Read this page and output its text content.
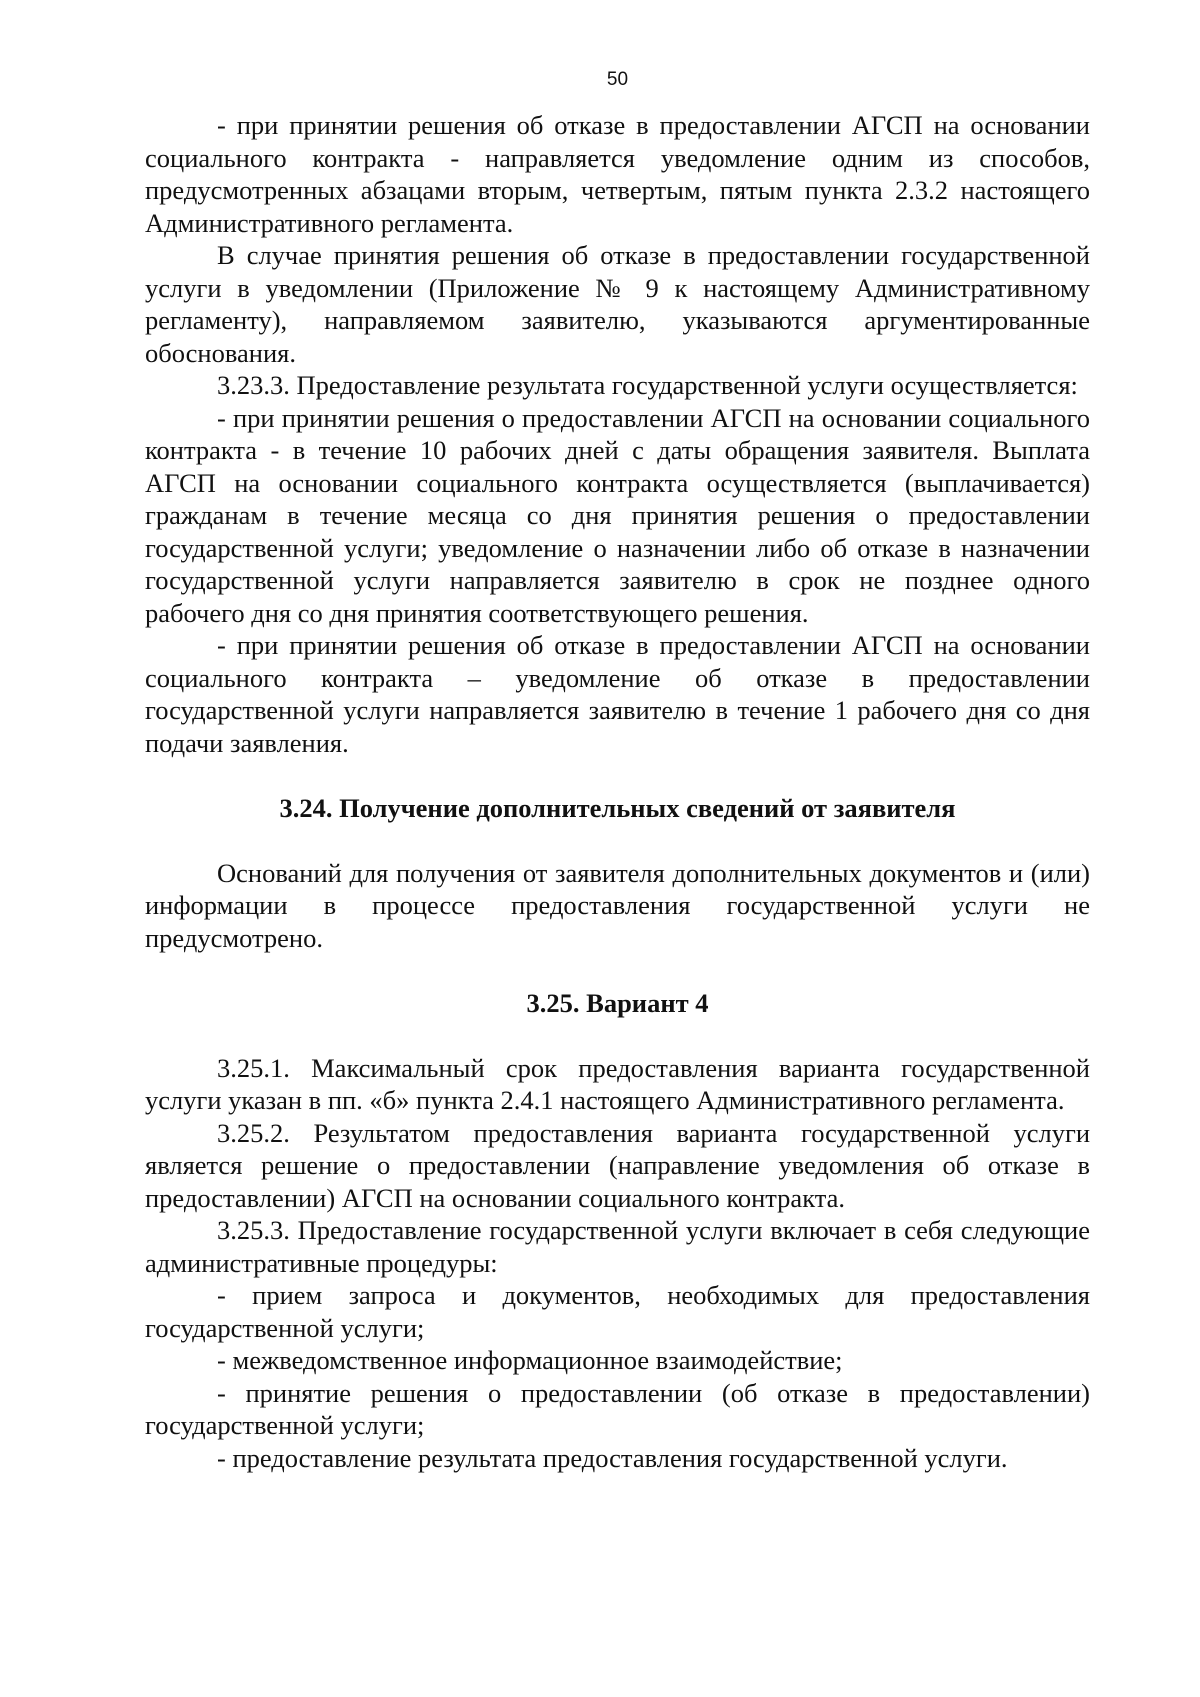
50

- при принятии решения об отказе в предоставлении АГСП на основании социального контракта - направляется уведомление одним из способов, предусмотренных абзацами вторым, четвертым, пятым пункта 2.3.2 настоящего Административного регламента.

В случае принятия решения об отказе в предоставлении государственной услуги в уведомлении (Приложение № 9 к настоящему Административному регламенту), направляемом заявителю, указываются аргументированные обоснования.

3.23.3. Предоставление результата государственной услуги осуществляется:

- при принятии решения о предоставлении АГСП на основании социального контракта - в течение 10 рабочих дней с даты обращения заявителя. Выплата АГСП на основании социального контракта осуществляется (выплачивается) гражданам в течение месяца со дня принятия решения о предоставлении государственной услуги; уведомление о назначении либо об отказе в назначении государственной услуги направляется заявителю в срок не позднее одного рабочего дня со дня принятия соответствующего решения.

- при принятии решения об отказе в предоставлении АГСП на основании социального контракта – уведомление об отказе в предоставлении государственной услуги направляется заявителю в течение 1 рабочего дня со дня подачи заявления.

3.24. Получение дополнительных сведений от заявителя

Оснований для получения от заявителя дополнительных документов и (или) информации в процессе предоставления государственной услуги не предусмотрено.

3.25. Вариант 4

3.25.1. Максимальный срок предоставления варианта государственной услуги указан в пп. «б» пункта 2.4.1 настоящего Административного регламента.

3.25.2. Результатом предоставления варианта государственной услуги является решение о предоставлении (направление уведомления об отказе в предоставлении) АГСП на основании социального контракта.

3.25.3. Предоставление государственной услуги включает в себя следующие административные процедуры:

- прием запроса и документов, необходимых для предоставления государственной услуги;

- межведомственное информационное взаимодействие;

- принятие решения о предоставлении (об отказе в предоставлении) государственной услуги;

- предоставление результата предоставления государственной услуги.
